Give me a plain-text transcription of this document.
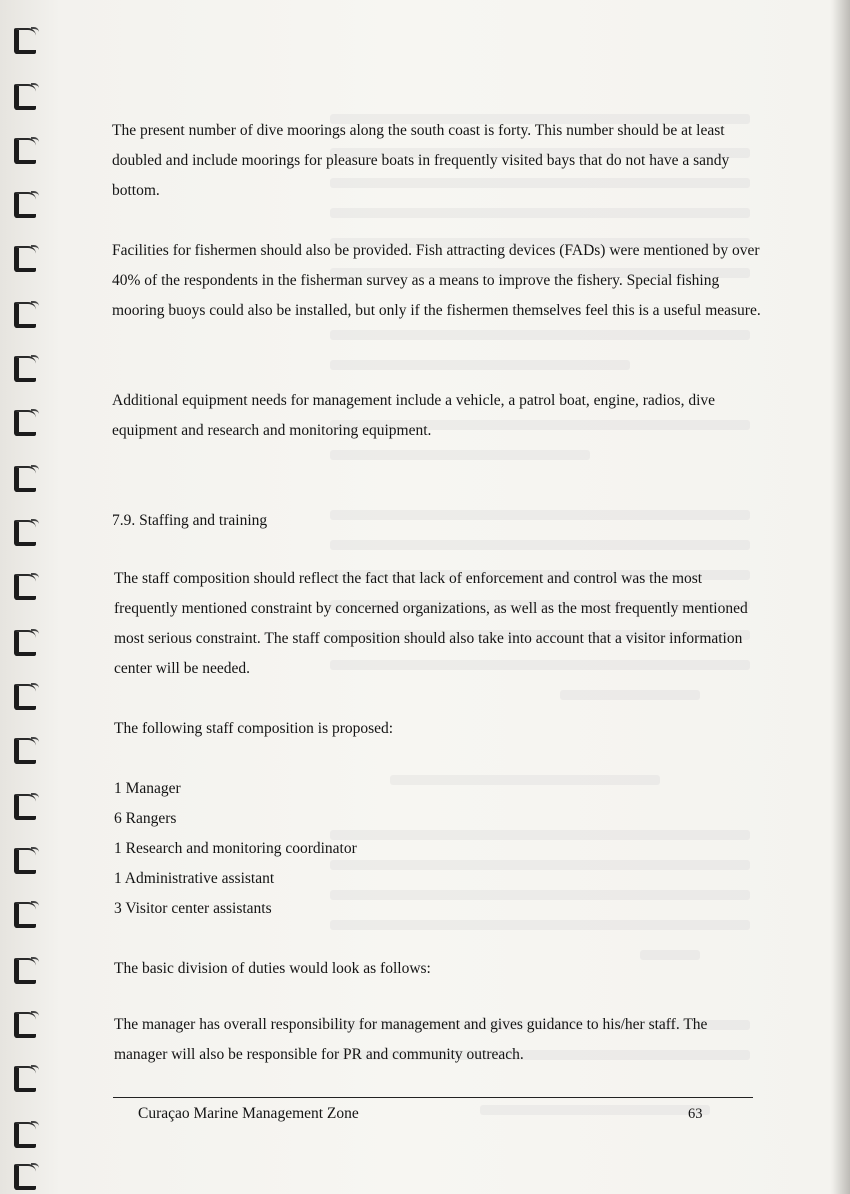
The present number of dive moorings along the south coast is forty. This number should be at least doubled and include moorings for pleasure boats in frequently visited bays that do not have a sandy bottom.

Facilities for fishermen should also be provided. Fish attracting devices (FADs) were mentioned by over 40% of the respondents in the fisherman survey as a means to improve the fishery. Special fishing mooring buoys could also be installed, but only if the fishermen themselves feel this is a useful measure.

Additional equipment needs for management include a vehicle, a patrol boat, engine, radios, dive equipment and research and monitoring equipment.

7.9. Staffing and training

The staff composition should reflect the fact that lack of enforcement and control was the most frequently mentioned constraint by concerned organizations, as well as the most frequently mentioned most serious constraint. The staff composition should also take into account that a visitor information center will be needed.

The following staff composition is proposed:

1 Manager

6 Rangers

1 Research and monitoring coordinator

1 Administrative assistant

3 Visitor center assistants

The basic division of duties would look as follows:

The manager has overall responsibility for management and gives guidance to his/her staff. The manager will also be responsible for PR and community outreach.

Curaçao Marine Management Zone	63
